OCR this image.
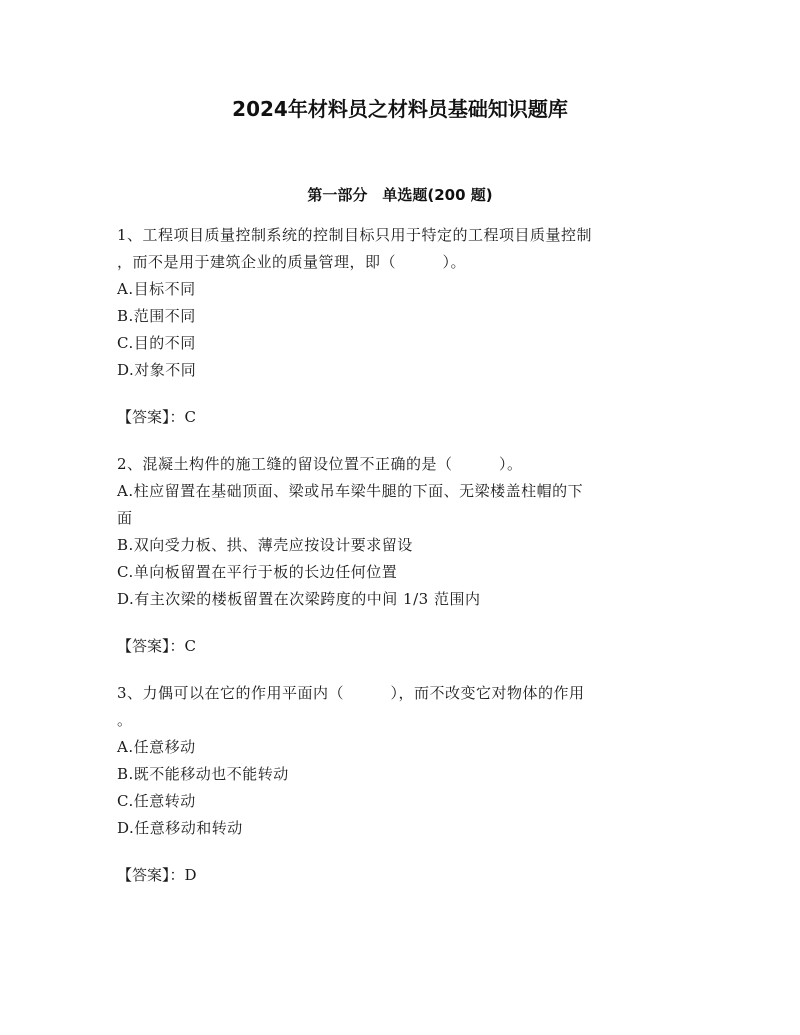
2024年材料员之材料员基础知识题库
第一部分　单选题(200 题)
1、工程项目质量控制系统的控制目标只用于特定的工程项目质量控制
，而不是用于建筑企业的质量管理，即（　　　）。
A.目标不同
B.范围不同
C.目的不同
D.对象不同
【答案】：C
2、混凝土构件的施工缝的留设位置不正确的是（　　　）。
A.柱应留置在基础顶面、梁或吊车梁牛腿的下面、无梁楼盖柱帽的下
面
B.双向受力板、拱、薄壳应按设计要求留设
C.单向板留置在平行于板的长边任何位置
D.有主次梁的楼板留置在次梁跨度的中间 1/3 范围内
【答案】：C
3、力偶可以在它的作用平面内（　　　），而不改变它对物体的作用
。
A.任意移动
B.既不能移动也不能转动
C.任意转动
D.任意移动和转动
【答案】：D
